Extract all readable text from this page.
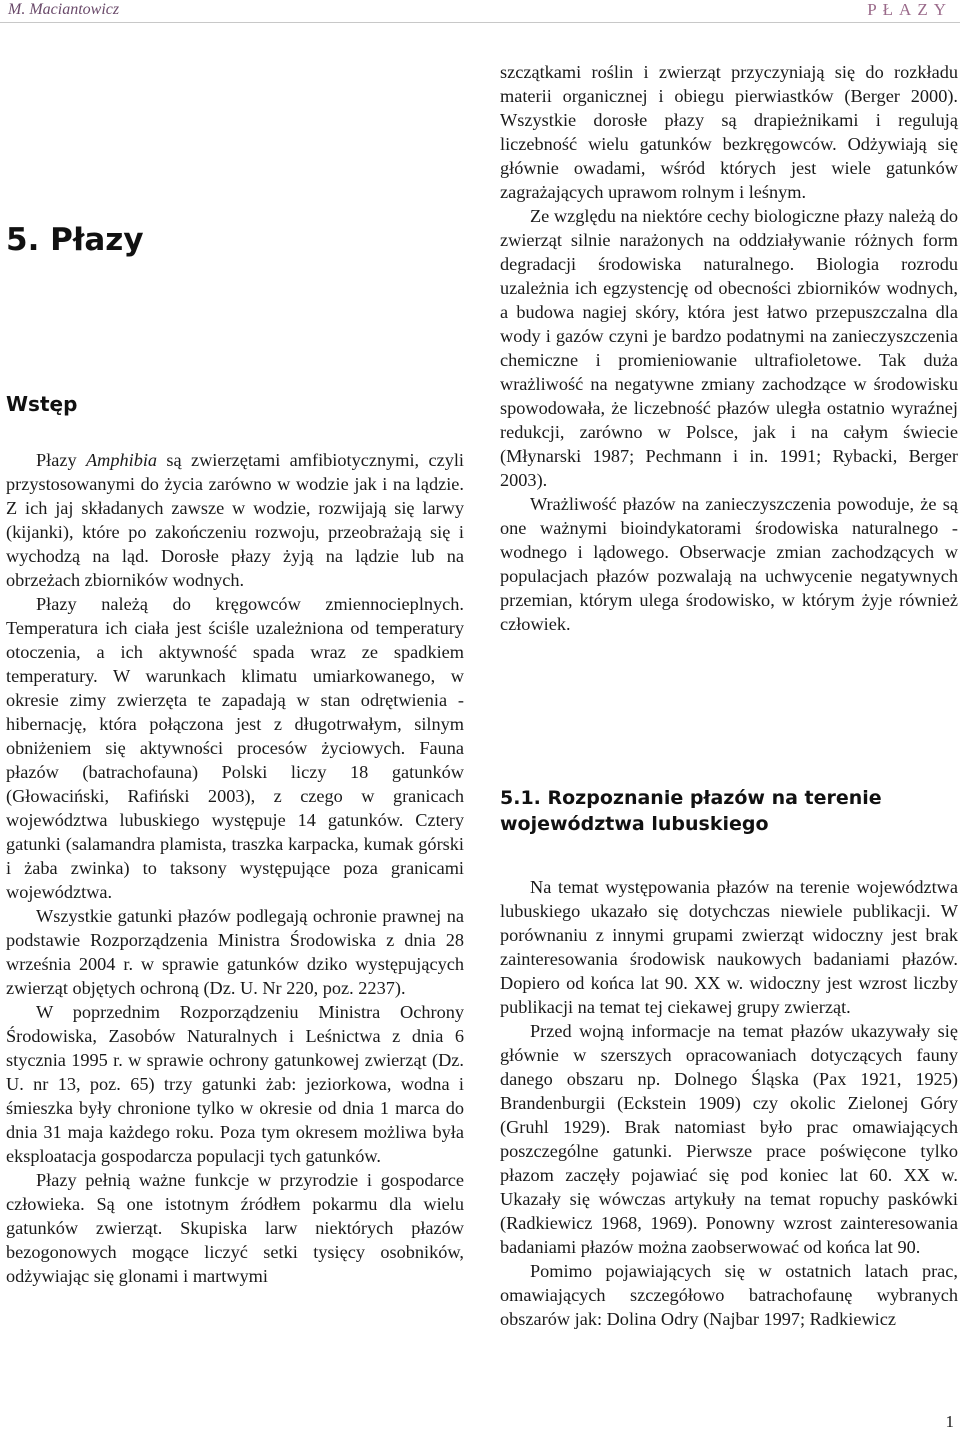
M. Maciantowicz	PŁAZY
5. Płazy
Wstęp

Płazy Amphibia są zwierzętami amfibiotycznymi, czyli przystosowanymi do życia zarówno w wodzie jak i na lądzie. Z ich jaj składanych zawsze w wodzie, rozwijają się larwy (kijanki), które po zakończeniu rozwoju, przeobrażają się i wychodzą na ląd. Dorosłe płazy żyją na lądzie lub na obrzeżach zbiorników wodnych.

Płazy należą do kręgowców zmiennocieplnych. Temperatura ich ciała jest ściśle uzależniona od temperatury otoczenia, a ich aktywność spada wraz ze spadkiem temperatury. W warunkach klimatu umiarkowanego, w okresie zimy zwierzęta te zapadają w stan odrętwienia - hibernację, która połączona jest z długotrwałym, silnym obniżeniem się aktywności procesów życiowych. Fauna płazów (batrachofauna) Polski liczy 18 gatunków (Głowaciński, Rafiński 2003), z czego w granicach województwa lubuskiego występuje 14 gatunków. Cztery gatunki (salamandra plamista, traszka karpacka, kumak górski i żaba zwinka) to taksony występujące poza granicami województwa.

Wszystkie gatunki płazów podlegają ochronie prawnej na podstawie Rozporządzenia Ministra Środowiska z dnia 28 września 2004 r. w sprawie gatunków dziko występujących zwierząt objętych ochroną (Dz. U. Nr 220, poz. 2237).

W poprzednim Rozporządzeniu Ministra Ochrony Środowiska, Zasobów Naturalnych i Leśnictwa z dnia 6 stycznia 1995 r. w sprawie ochrony gatunkowej zwierząt (Dz. U. nr 13, poz. 65) trzy gatunki żab: jeziorkowa, wodna i śmieszka były chronione tylko w okresie od dnia 1 marca do dnia 31 maja każdego roku. Poza tym okresem możliwa była eksploatacja gospodarcza populacji tych gatunków.

Płazy pełnią ważne funkcje w przyrodzie i gospodarce człowieka. Są one istotnym źródłem pokarmu dla wielu gatunków zwierząt. Skupiska larw niektórych płazów bezogonowych mogące liczyć setki tysięcy osobników, odżywiając się glonami i martwymi

szczątkami roślin i zwierząt przyczyniają się do rozkładu materii organicznej i obiegu pierwiastków (Berger 2000). Wszystkie dorosłe płazy są drapieżnikami i regulują liczebność wielu gatunków bezkręgowców. Odżywiają się głównie owadami, wśród których jest wiele gatunków zagrażających uprawom rolnym i leśnym.

Ze względu na niektóre cechy biologiczne płazy należą do zwierząt silnie narażonych na oddziaływanie różnych form degradacji środowiska naturalnego. Biologia rozrodu uzależnia ich egzystencję od obecności zbiorników wodnych, a budowa nagiej skóry, która jest łatwo przepuszczalna dla wody i gazów czyni je bardzo podatnymi na zanieczyszczenia chemiczne i promieniowanie ultrafioletowe. Tak duża wrażliwość na negatywne zmiany zachodzące w środowisku spowodowała, że liczebność płazów uległa ostatnio wyraźnej redukcji, zarówno w Polsce, jak i na całym świecie (Młynarski 1987; Pechmann i in. 1991; Rybacki, Berger 2003).

Wrażliwość płazów na zanieczyszczenia powoduje, że są one ważnymi bioindykatorami środowiska naturalnego - wodnego i lądowego. Obserwacje zmian zachodzących w populacjach płazów pozwalają na uchwycenie negatywnych przemian, którym ulega środowisko, w którym żyje również człowiek.

5.1. Rozpoznanie płazów na terenie województwa lubuskiego

Na temat występowania płazów na terenie województwa lubuskiego ukazało się dotychczas niewiele publikacji. W porównaniu z innymi grupami zwierząt widoczny jest brak zainteresowania środowisk naukowych badaniami płazów. Dopiero od końca lat 90. XX w. widoczny jest wzrost liczby publikacji na temat tej ciekawej grupy zwierząt.

Przed wojną informacje na temat płazów ukazywały się głównie w szerszych opracowaniach dotyczących fauny danego obszaru np. Dolnego Śląska (Pax 1921, 1925) Brandenburgii (Eckstein 1909) czy okolic Zielonej Góry (Gruhl 1929). Brak natomiast było prac omawiających poszczególne gatunki. Pierwsze prace poświęcone tylko płazom zaczęły pojawiać się pod koniec lat 60. XX w. Ukazały się wówczas artykuły na temat ropuchy paskówki (Radkiewicz 1968, 1969). Ponowny wzrost zainteresowania badaniami płazów można zaobserwować od końca lat 90.

Pomimo pojawiających się w ostatnich latach prac, omawiających szczegółowo batrachofaunę wybranych obszarów jak: Dolina Odry (Najbar 1997; Radkiewicz

1
